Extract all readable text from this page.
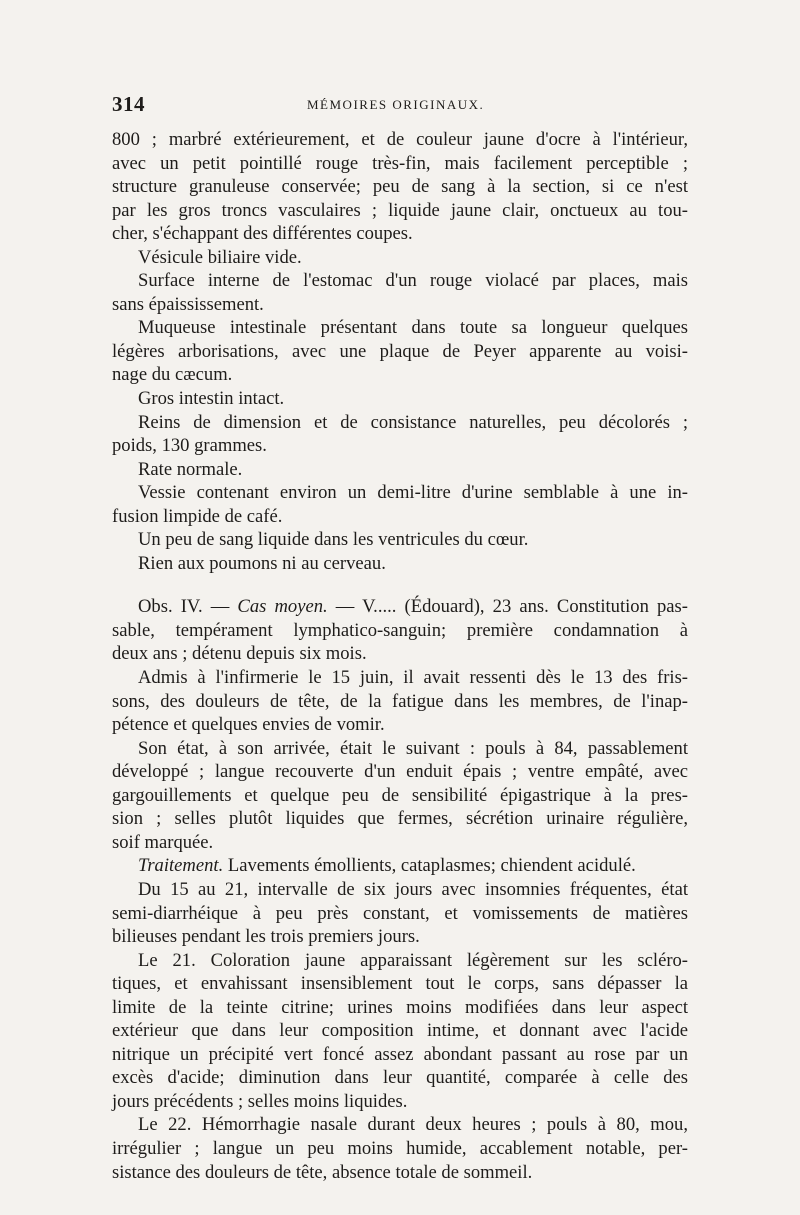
314	MÉMOIRES ORIGINAUX.
800 ; marbré extérieurement, et de couleur jaune d'ocre à l'intérieur,
avec un petit pointillé rouge très-fin, mais facilement perceptible ;
structure granuleuse conservée; peu de sang à la section, si ce n'est
par les gros troncs vasculaires ; liquide jaune clair, onctueux au tou-
cher, s'échappant des différentes coupes.
Vésicule biliaire vide.
Surface interne de l'estomac d'un rouge violacé par places, mais
sans épaississement.
Muqueuse intestinale présentant dans toute sa longueur quelques
légères arborisations, avec une plaque de Peyer apparente au voisi-
nage du cæcum.
Gros intestin intact.
Reins de dimension et de consistance naturelles, peu décolorés ;
poids, 130 grammes.
Rate normale.
Vessie contenant environ un demi-litre d'urine semblable à une in-
fusion limpide de café.
Un peu de sang liquide dans les ventricules du cœur.
Rien aux poumons ni au cerveau.
Obs. IV. — Cas moyen. — V..... (Édouard), 23 ans. Constitution pas-
sable, tempérament lymphatico-sanguin; première condamnation à
deux ans ; détenu depuis six mois.
Admis à l'infirmerie le 15 juin, il avait ressenti dès le 13 des fris-
sons, des douleurs de tête, de la fatigue dans les membres, de l'inap-
pétence et quelques envies de vomir.
Son état, à son arrivée, était le suivant : pouls à 84, passablement
développé ; langue recouverte d'un enduit épais ; ventre empâté, avec
gargouillements et quelque peu de sensibilité épigastrique à la pres-
sion ; selles plutôt liquides que fermes, sécrétion urinaire régulière,
soif marquée.
Traitement. Lavements émollients, cataplasmes; chiendent acidulé.
Du 15 au 21, intervalle de six jours avec insomnies fréquentes, état
semi-diarrhéique à peu près constant, et vomissements de matières
bilieuses pendant les trois premiers jours.
Le 21. Coloration jaune apparaissant légèrement sur les scléro-
tiques, et envahissant insensiblement tout le corps, sans dépasser la
limite de la teinte citrine; urines moins modifiées dans leur aspect
extérieur que dans leur composition intime, et donnant avec l'acide
nitrique un précipité vert foncé assez abondant passant au rose par un
excès d'acide; diminution dans leur quantité, comparée à celle des
jours précédents ; selles moins liquides.
Le 22. Hémorrhagie nasale durant deux heures ; pouls à 80, mou,
irrégulier ; langue un peu moins humide, accablement notable, per-
sistance des douleurs de tête, absence totale de sommeil.
